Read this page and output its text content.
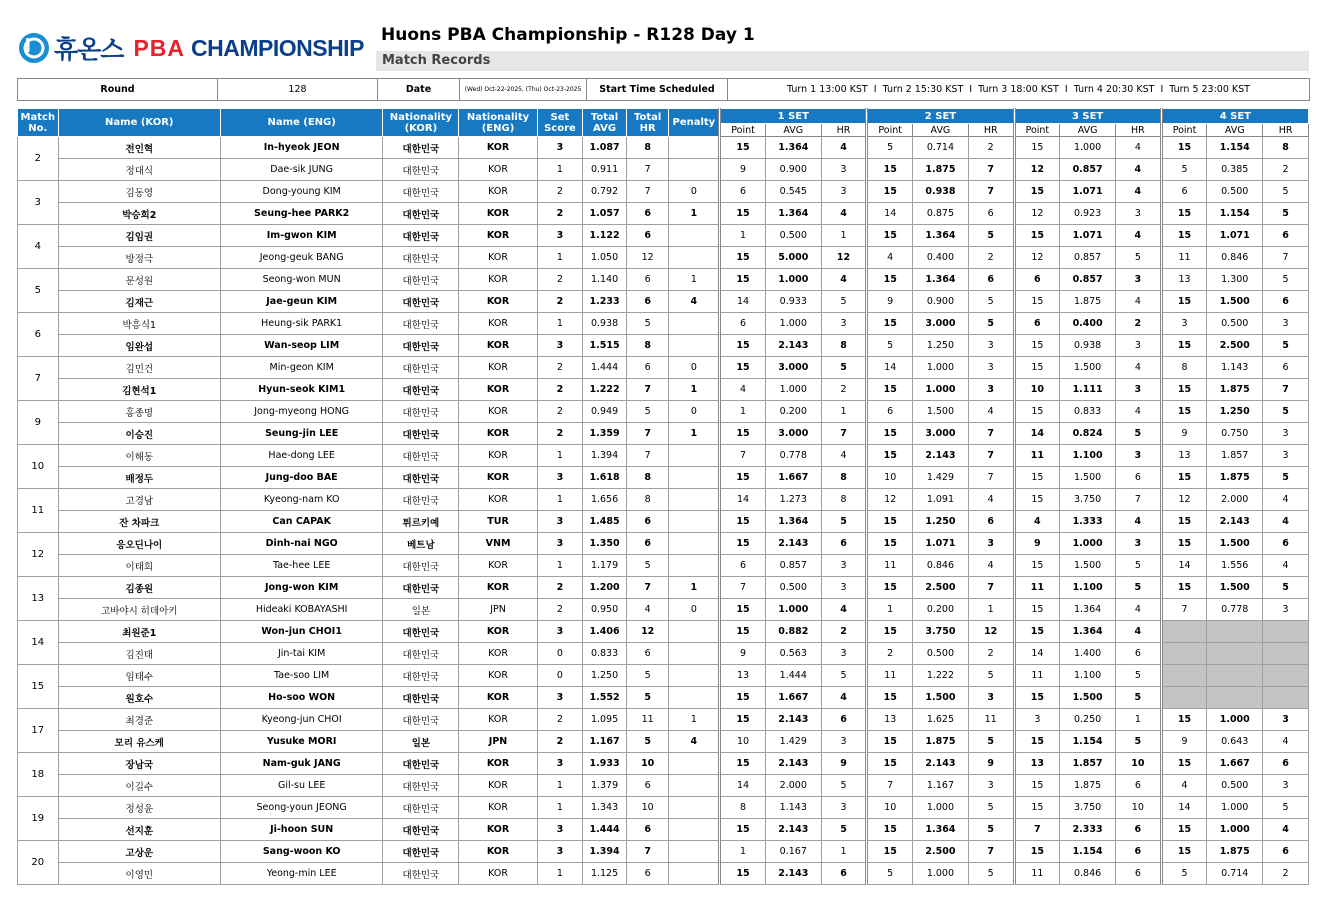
휴온스 PBA CHAMPIONSHIP Huons PBA Championship - R128 Day 1
Match Records
Round	128	Date	(Wed) Oct-22-2025, (Thu) Oct-23-2025	Start Time Scheduled	Turn 1 13:00 KST  I  Turn 2 15:30 KST  I  Turn 3 18:00 KST  I  Turn 4 20:30 KST  I  Turn 5 23:00 KST
Match No.	Name (KOR)	Name (ENG)	Nationality (KOR)	Nationality (ENG)	Set Score	Total AVG	Total HR	Penalty	1 SET			2 SET			3 SET			4 SET		
									Point	AVG	HR	Point	AVG	HR	Point	AVG	HR	Point	AVG	HR
2	전인혁	In-hyeok JEON	대한민국	KOR	3	1.087	8		15	1.364	4	5	0.714	2	15	1.000	4	15	1.154	8
	정대식	Dae-sik JUNG	대한민국	KOR	1	0.911	7		9	0.900	3	15	1.875	7	12	0.857	4	5	0.385	2
3	김동영	Dong-young KIM	대한민국	KOR	2	0.792	7	0	6	0.545	3	15	0.938	7	15	1.071	4	6	0.500	5
	박승희2	Seung-hee PARK2	대한민국	KOR	2	1.057	6	1	15	1.364	4	14	0.875	6	12	0.923	3	15	1.154	5
4	김임권	Im-gwon KIM	대한민국	KOR	3	1.122	6		1	0.500	1	15	1.364	5	15	1.071	4	15	1.071	6
	방정극	Jeong-geuk BANG	대한민국	KOR	1	1.050	12		15	5.000	12	4	0.400	2	12	0.857	5	11	0.846	7
5	문성원	Seong-won MUN	대한민국	KOR	2	1.140	6	1	15	1.000	4	15	1.364	6	6	0.857	3	13	1.300	5
	김재근	Jae-geun KIM	대한민국	KOR	2	1.233	6	4	14	0.933	5	9	0.900	5	15	1.875	4	15	1.500	6
6	박흥식1	Heung-sik PARK1	대한민국	KOR	1	0.938	5		6	1.000	3	15	3.000	5	6	0.400	2	3	0.500	3
	임완섭	Wan-seop LIM	대한민국	KOR	3	1.515	8		15	2.143	8	5	1.250	3	15	0.938	3	15	2.500	5
7	김민건	Min-geon KIM	대한민국	KOR	2	1.444	6	0	15	3.000	5	14	1.000	3	15	1.500	4	8	1.143	6
	김현석1	Hyun-seok KIM1	대한민국	KOR	2	1.222	7	1	4	1.000	2	15	1.000	3	10	1.111	3	15	1.875	7
9	홍종명	Jong-myeong HONG	대한민국	KOR	2	0.949	5	0	1	0.200	1	6	1.500	4	15	0.833	4	15	1.250	5
	이승진	Seung-jin LEE	대한민국	KOR	2	1.359	7	1	15	3.000	7	15	3.000	7	14	0.824	5	9	0.750	3
10	이해동	Hae-dong LEE	대한민국	KOR	1	1.394	7		7	0.778	4	15	2.143	7	11	1.100	3	13	1.857	3
	배정두	Jung-doo BAE	대한민국	KOR	3	1.618	8		15	1.667	8	10	1.429	7	15	1.500	6	15	1.875	5
11	고경남	Kyeong-nam KO	대한민국	KOR	1	1.656	8		14	1.273	8	12	1.091	4	15	3.750	7	12	2.000	4
	잔 차파크	Can CAPAK	튀르키예	TUR	3	1.485	6		15	1.364	5	15	1.250	6	4	1.333	4	15	2.143	4
12	응오딘나이	Dinh-nai NGO	베트남	VNM	3	1.350	6		15	2.143	6	15	1.071	3	9	1.000	3	15	1.500	6
	이태희	Tae-hee LEE	대한민국	KOR	1	1.179	5		6	0.857	3	11	0.846	4	15	1.500	5	14	1.556	4
13	김종원	Jong-won KIM	대한민국	KOR	2	1.200	7	1	7	0.500	3	15	2.500	7	11	1.100	5	15	1.500	5
	고바야시 히데아키	Hideaki KOBAYASHI	일본	JPN	2	0.950	4	0	15	1.000	4	1	0.200	1	15	1.364	4	7	0.778	3
14	최원준1	Won-jun CHOI1	대한민국	KOR	3	1.406	12		15	0.882	2	15	3.750	12	15	1.364	4			
	김진태	Jin-tai KIM	대한민국	KOR	0	0.833	6		9	0.563	3	2	0.500	2	14	1.400	6			
15	임태수	Tae-soo LIM	대한민국	KOR	0	1.250	5		13	1.444	5	11	1.222	5	11	1.100	5			
	원호수	Ho-soo WON	대한민국	KOR	3	1.552	5		15	1.667	4	15	1.500	3	15	1.500	5			
17	최경준	Kyeong-jun CHOI	대한민국	KOR	2	1.095	11	1	15	2.143	6	13	1.625	11	3	0.250	1	15	1.000	3
	모리 유스케	Yusuke MORI	일본	JPN	2	1.167	5	4	10	1.429	3	15	1.875	5	15	1.154	5	9	0.643	4
18	장남국	Nam-guk JANG	대한민국	KOR	3	1.933	10		15	2.143	9	15	2.143	9	13	1.857	10	15	1.667	6
	이길수	Gil-su LEE	대한민국	KOR	1	1.379	6		14	2.000	5	7	1.167	3	15	1.875	6	4	0.500	3
19	정성윤	Seong-youn JEONG	대한민국	KOR	1	1.343	10		8	1.143	3	10	1.000	5	15	3.750	10	14	1.000	5
	선지훈	Ji-hoon SUN	대한민국	KOR	3	1.444	6		15	2.143	5	15	1.364	5	7	2.333	6	15	1.000	4
20	고상운	Sang-woon KO	대한민국	KOR	3	1.394	7		1	0.167	1	15	2.500	7	15	1.154	6	15	1.875	6
	이영민	Yeong-min LEE	대한민국	KOR	1	1.125	6		15	2.143	6	5	1.000	5	11	0.846	6	5	0.714	2
